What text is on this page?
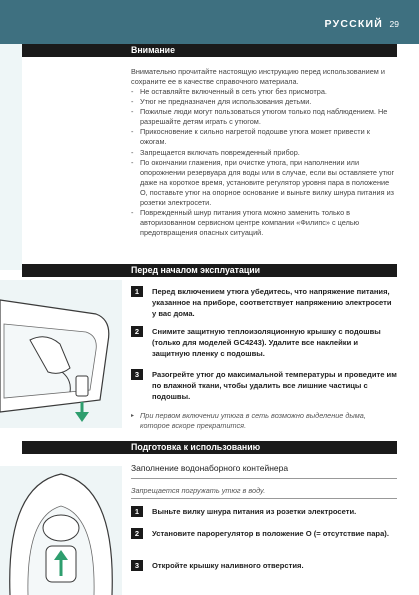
РУССКИЙ 29
Внимание

Внимательно прочитайте настоящую инструкцию перед использованием и сохраните ее в качестве справочного материала.

- Не оставляйте включенный в сеть утюг без присмотра.
- Утюг не предназначен для использования детьми.
- Пожилые люди могут пользоваться утюгом только под наблюдением. Не разрешайте детям играть с утюгом.
- Прикосновение к сильно нагретой подошве утюга может привести к ожогам.
- Запрещается включать поврежденный прибор.
- По окончании глажения, при очистке утюга, при наполнении или опорожнении резервуара для воды или в случае, если вы оставляете утюг даже на короткое время, установите регулятор уровня пара в положение O, поставьте утюг на опорное основание и выньте вилку шнура питания из розетки электросети.
- Поврежденный шнур питания утюга можно заменить только в авторизованном сервисном центре компании «Филипс» с целью предотвращения опасных ситуаций.
Перед началом эксплуатации
1	Перед включением утюга убедитесь, что напряжение питания, указанное на приборе, соответствует напряжению электросети у вас дома.
2	Снимите защитную теплоизоляционную крышку с подошвы (только для моделей GC4243). Удалите все наклейки и защитную пленку с подошвы.
3	Разогрейте утюг до максимальной температуры и проведите им по влажной ткани, чтобы удалить все лишние частицы с подошвы.

▸ При первом включении утюга в сеть возможно выделение дыма, которое вскоре прекратится.

Подготовка к использованию
Заполнение водонаборного контейнера
Запрещается погружать утюг в воду.
1	Выньте вилку шнура питания из розетки электросети.
2	Установите парорегулятор в положение O (= отсутствие пара).
3	Откройте крышку наливного отверстия.
